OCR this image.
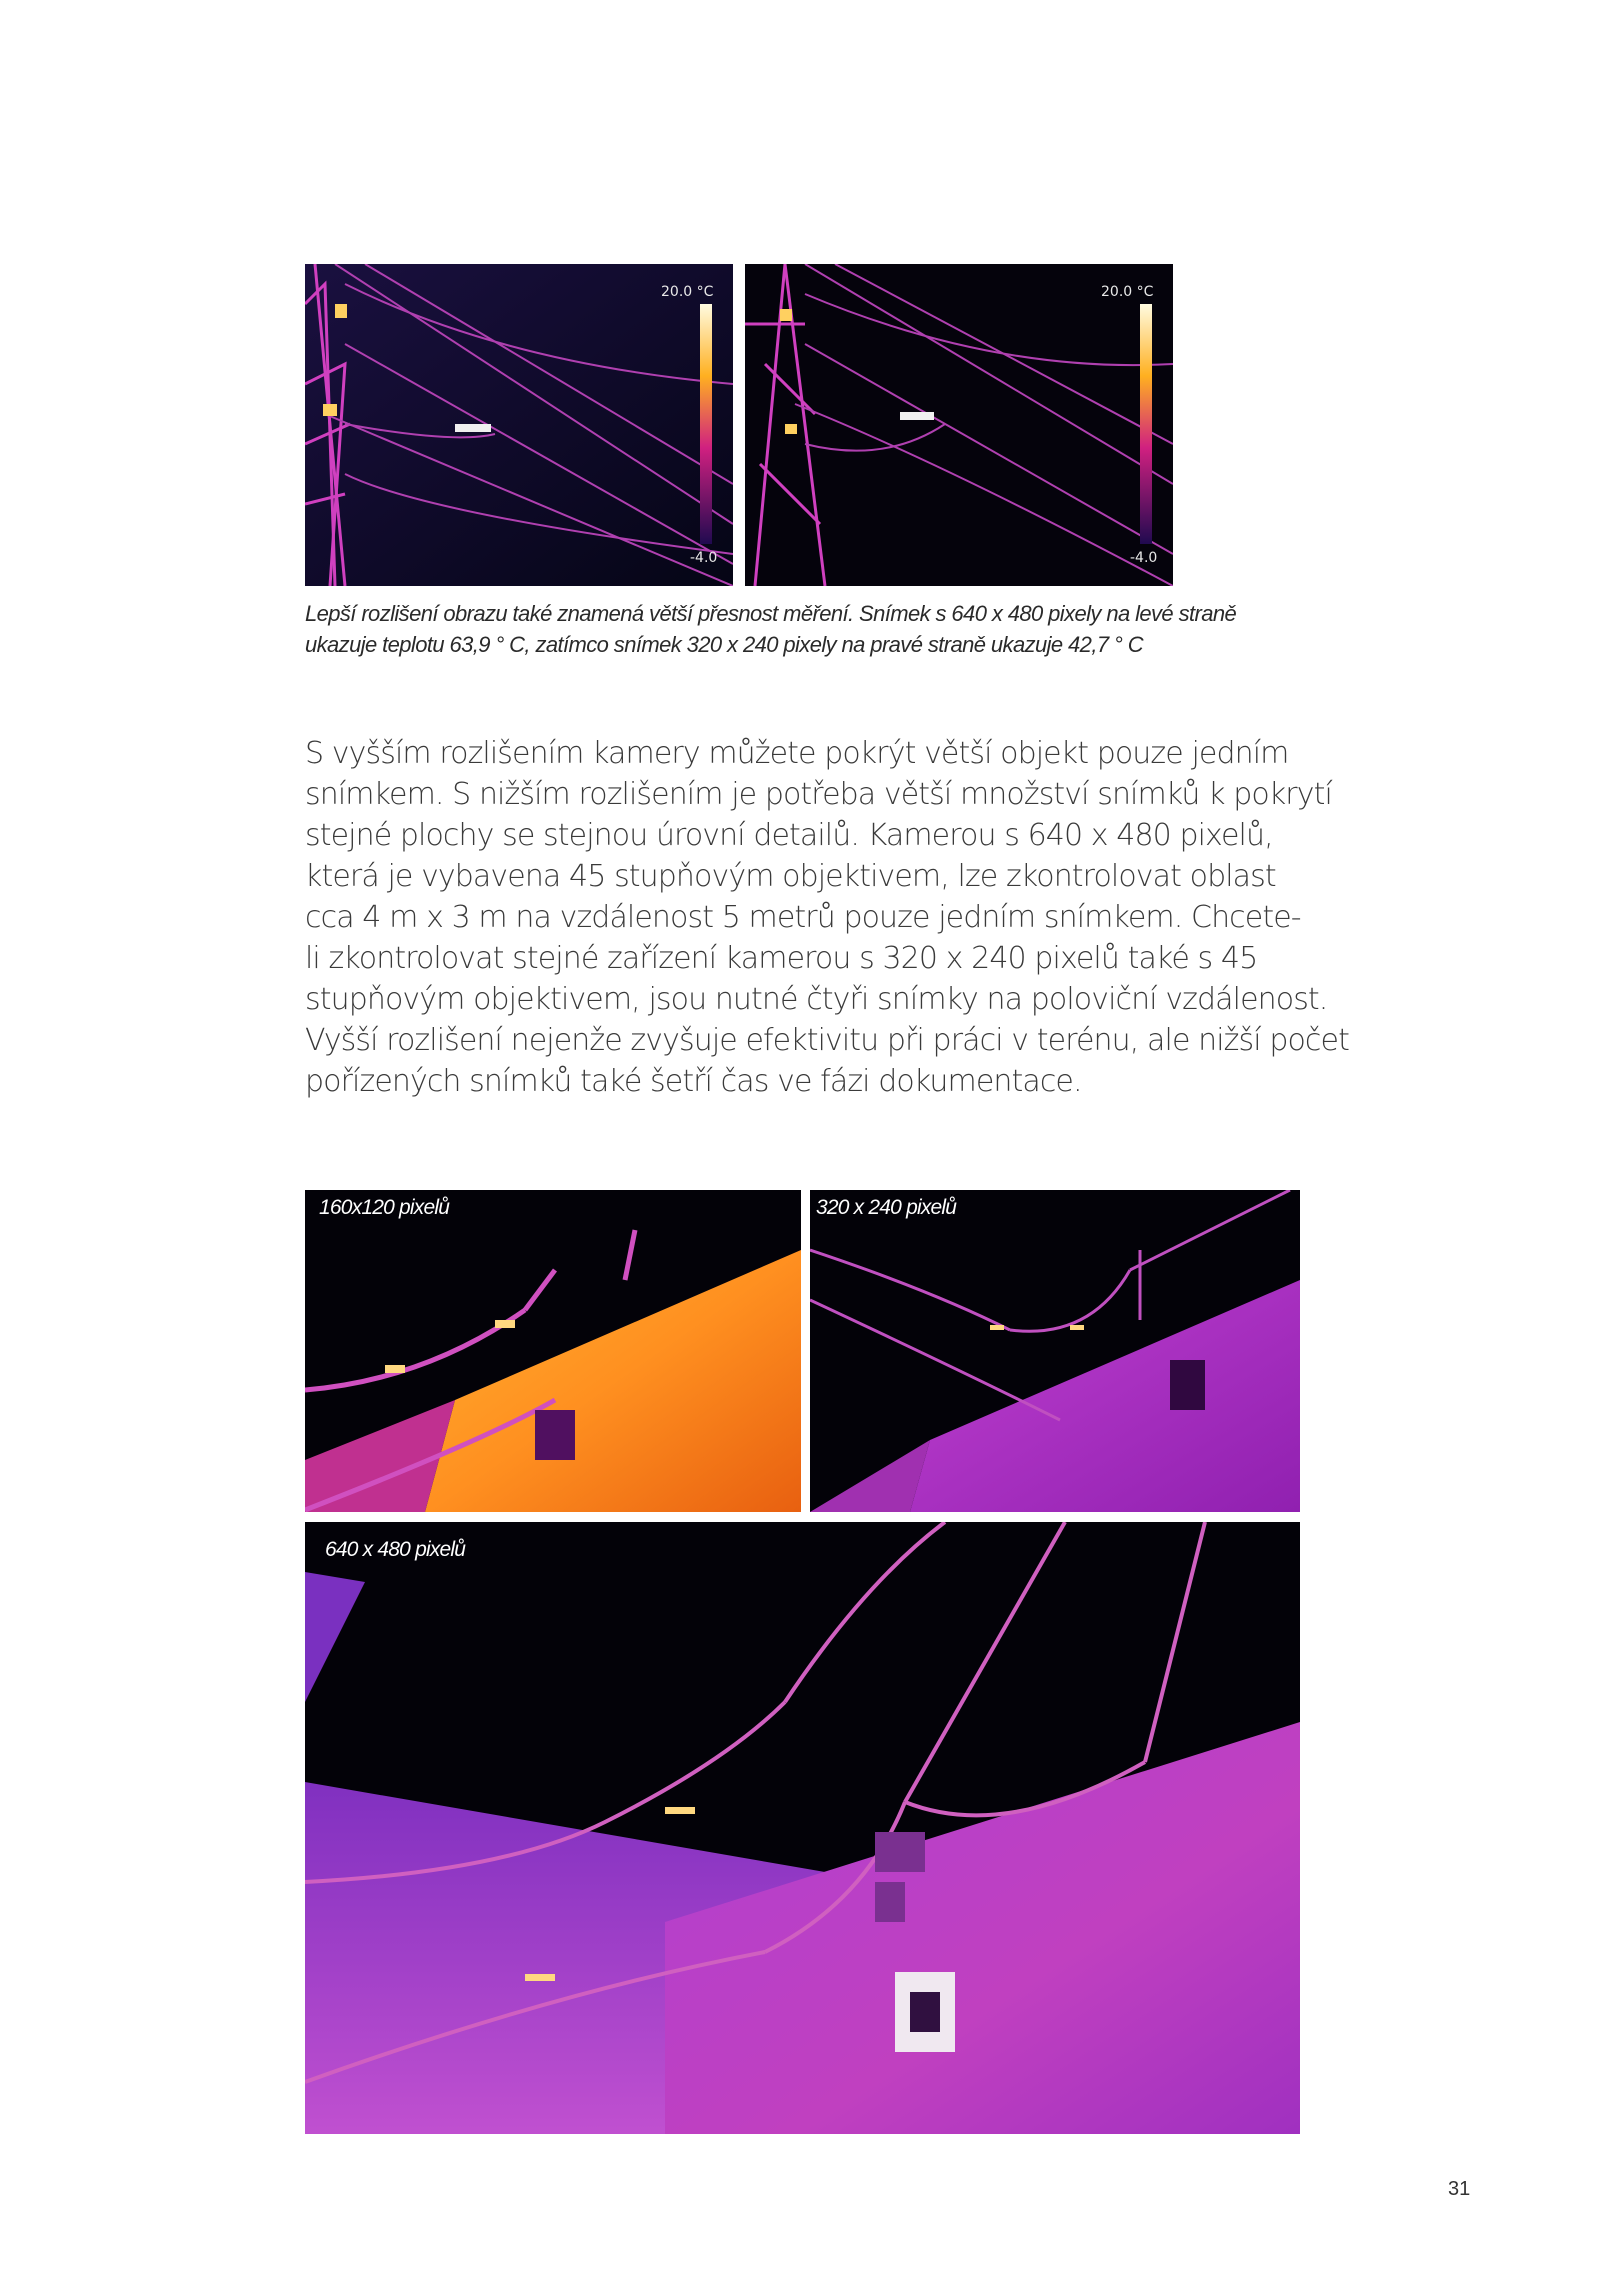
20.0 °C
-4.0
20.0 °C
-4.0
Lepší rozlišení obrazu také znamená větší přesnost měření. Snímek s 640 x 480 pixely na levé straně
ukazuje teplotu 63,9 ° C, zatímco snímek 320 x 240 pixely na pravé straně ukazuje 42,7 ° C
S vyšším rozlišením kamery můžete pokrýt větší objekt pouze jedním
snímkem. S nižším rozlišením je potřeba větší množství snímků k pokrytí
stejné plochy se stejnou úrovní detailů. Kamerou s 640 x 480 pixelů,
která je vybavena 45 stupňovým objektivem, lze zkontrolovat oblast
cca 4 m x 3 m na vzdálenost 5 metrů pouze jedním snímkem. Chcete-
li zkontrolovat stejné zařízení kamerou s 320 x 240 pixelů také s 45
stupňovým objektivem, jsou nutné čtyři snímky na poloviční vzdálenost.
Vyšší rozlišení nejenže zvyšuje efektivitu při práci v terénu, ale nižší počet
pořízených snímků také šetří čas ve fázi dokumentace.
160x120 pixelů	320 x 240 pixelů
640 x 480 pixelů
31
